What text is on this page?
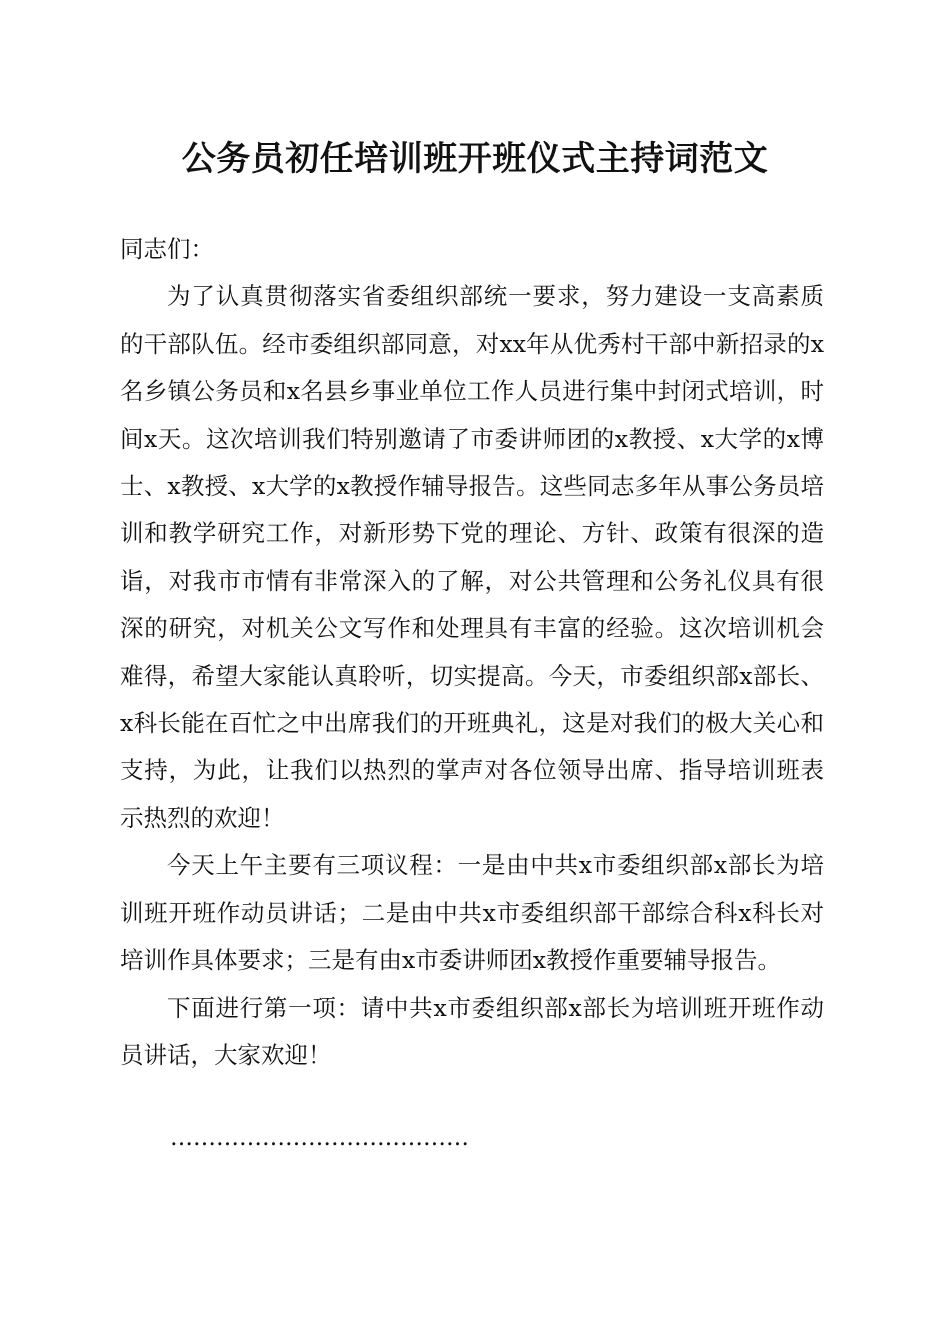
公务员初任培训班开班仪式主持词范文

同志们：

为了认真贯彻落实省委组织部统一要求，努力建设一支高素质的干部队伍。经市委组织部同意，对xx年从优秀村干部中新招录的x名乡镇公务员和x名县乡事业单位工作人员进行集中封闭式培训，时间x天。这次培训我们特别邀请了市委讲师团的x教授、x大学的x博士、x教授、x大学的x教授作辅导报告。这些同志多年从事公务员培训和教学研究工作，对新形势下党的理论、方针、政策有很深的造诣，对我市市情有非常深入的了解，对公共管理和公务礼仪具有很深的研究，对机关公文写作和处理具有丰富的经验。这次培训机会难得，希望大家能认真聆听，切实提高。今天，市委组织部x部长、x科长能在百忙之中出席我们的开班典礼，这是对我们的极大关心和支持，为此，让我们以热烈的掌声对各位领导出席、指导培训班表示热烈的欢迎！

今天上午主要有三项议程：一是由中共x市委组织部x部长为培训班开班作动员讲话；二是由中共x市委组织部干部综合科x科长对培训作具体要求；三是有由x市委讲师团x教授作重要辅导报告。

下面进行第一项：请中共x市委组织部x部长为培训班开班作动员讲话，大家欢迎！

…………………………………
